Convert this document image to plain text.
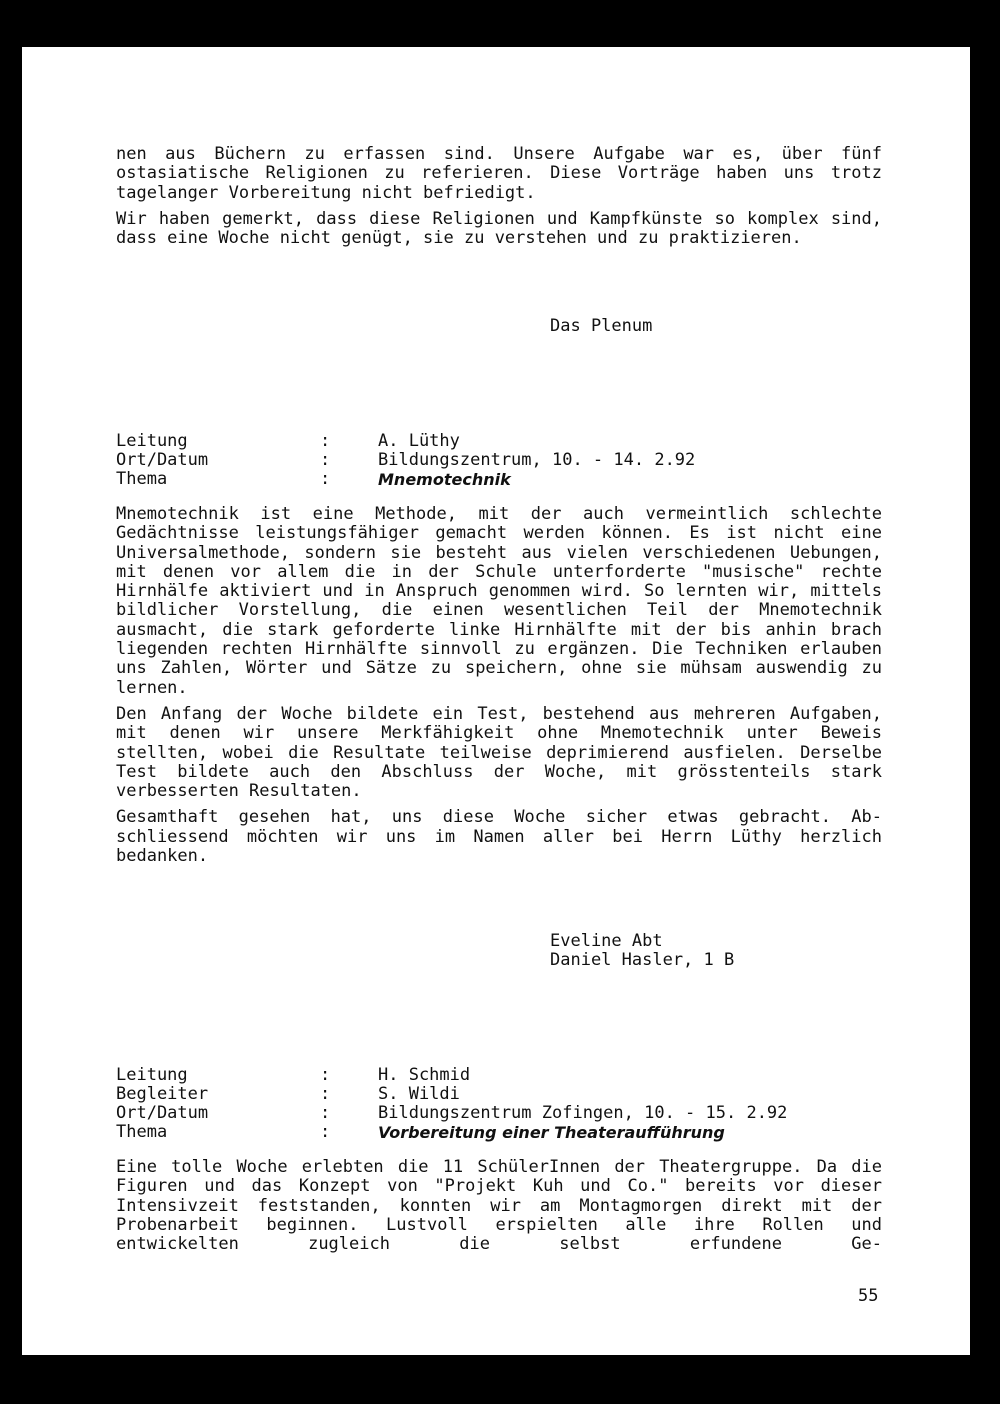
nen aus Büchern zu erfassen sind. Unsere Aufgabe war es, über fünf ostasiatische Religionen zu referieren. Diese Vorträge haben uns trotz tagelanger Vorbereitung nicht befriedigt.

Wir haben gemerkt, dass diese Religionen und Kampfkünste so komplex sind, dass eine Woche nicht genügt, sie zu verstehen und zu praktizieren.

Das Plenum

Leitung	:	A. Lüthy
Ort/Datum	:	Bildungszentrum, 10. - 14. 2.92
Thema	:	Mnemotechnik

Mnemotechnik ist eine Methode, mit der auch vermeintlich schlechte Gedächtnisse leistungsfähiger gemacht werden können. Es ist nicht eine Universalmethode, sondern sie besteht aus vielen verschiedenen Uebungen, mit denen vor allem die in der Schule unterforderte "musische" rechte Hirnhälfe aktiviert und in Anspruch genommen wird. So lernten wir, mittels bildlicher Vorstellung, die einen wesentlichen Teil der Mnemotechnik ausmacht, die stark geforderte linke Hirnhälfte mit der bis anhin brach liegenden rechten Hirnhälfte sinnvoll zu ergänzen. Die Techniken erlauben uns Zahlen, Wörter und Sätze zu speichern, ohne sie mühsam auswendig zu lernen.

Den Anfang der Woche bildete ein Test, bestehend aus mehreren Aufgaben, mit denen wir unsere Merkfähigkeit ohne Mnemotechnik unter Beweis stellten, wobei die Resultate teilweise deprimierend ausfielen. Derselbe Test bildete auch den Abschluss der Woche, mit grösstenteils stark verbesserten Resultaten.

Gesamthaft gesehen hat, uns diese Woche sicher etwas gebracht. Abschliessend möchten wir uns im Namen aller bei Herrn Lüthy herzlich bedanken.

Eveline Abt

Daniel Hasler, 1 B

Leitung	:	H. Schmid
Begleiter	:	S. Wildi
Ort/Datum	:	Bildungszentrum Zofingen, 10. - 15. 2.92
Thema	:	Vorbereitung einer Theateraufführung

Eine tolle Woche erlebten die 11 SchülerInnen der Theatergruppe. Da die Figuren und das Konzept von "Projekt Kuh und Co." bereits vor dieser Intensivzeit feststanden, konnten wir am Montagmorgen direkt mit der Probenarbeit beginnen. Lustvoll erspielten alle ihre Rollen und entwickelten zugleich die selbst erfundene Ge-

55
